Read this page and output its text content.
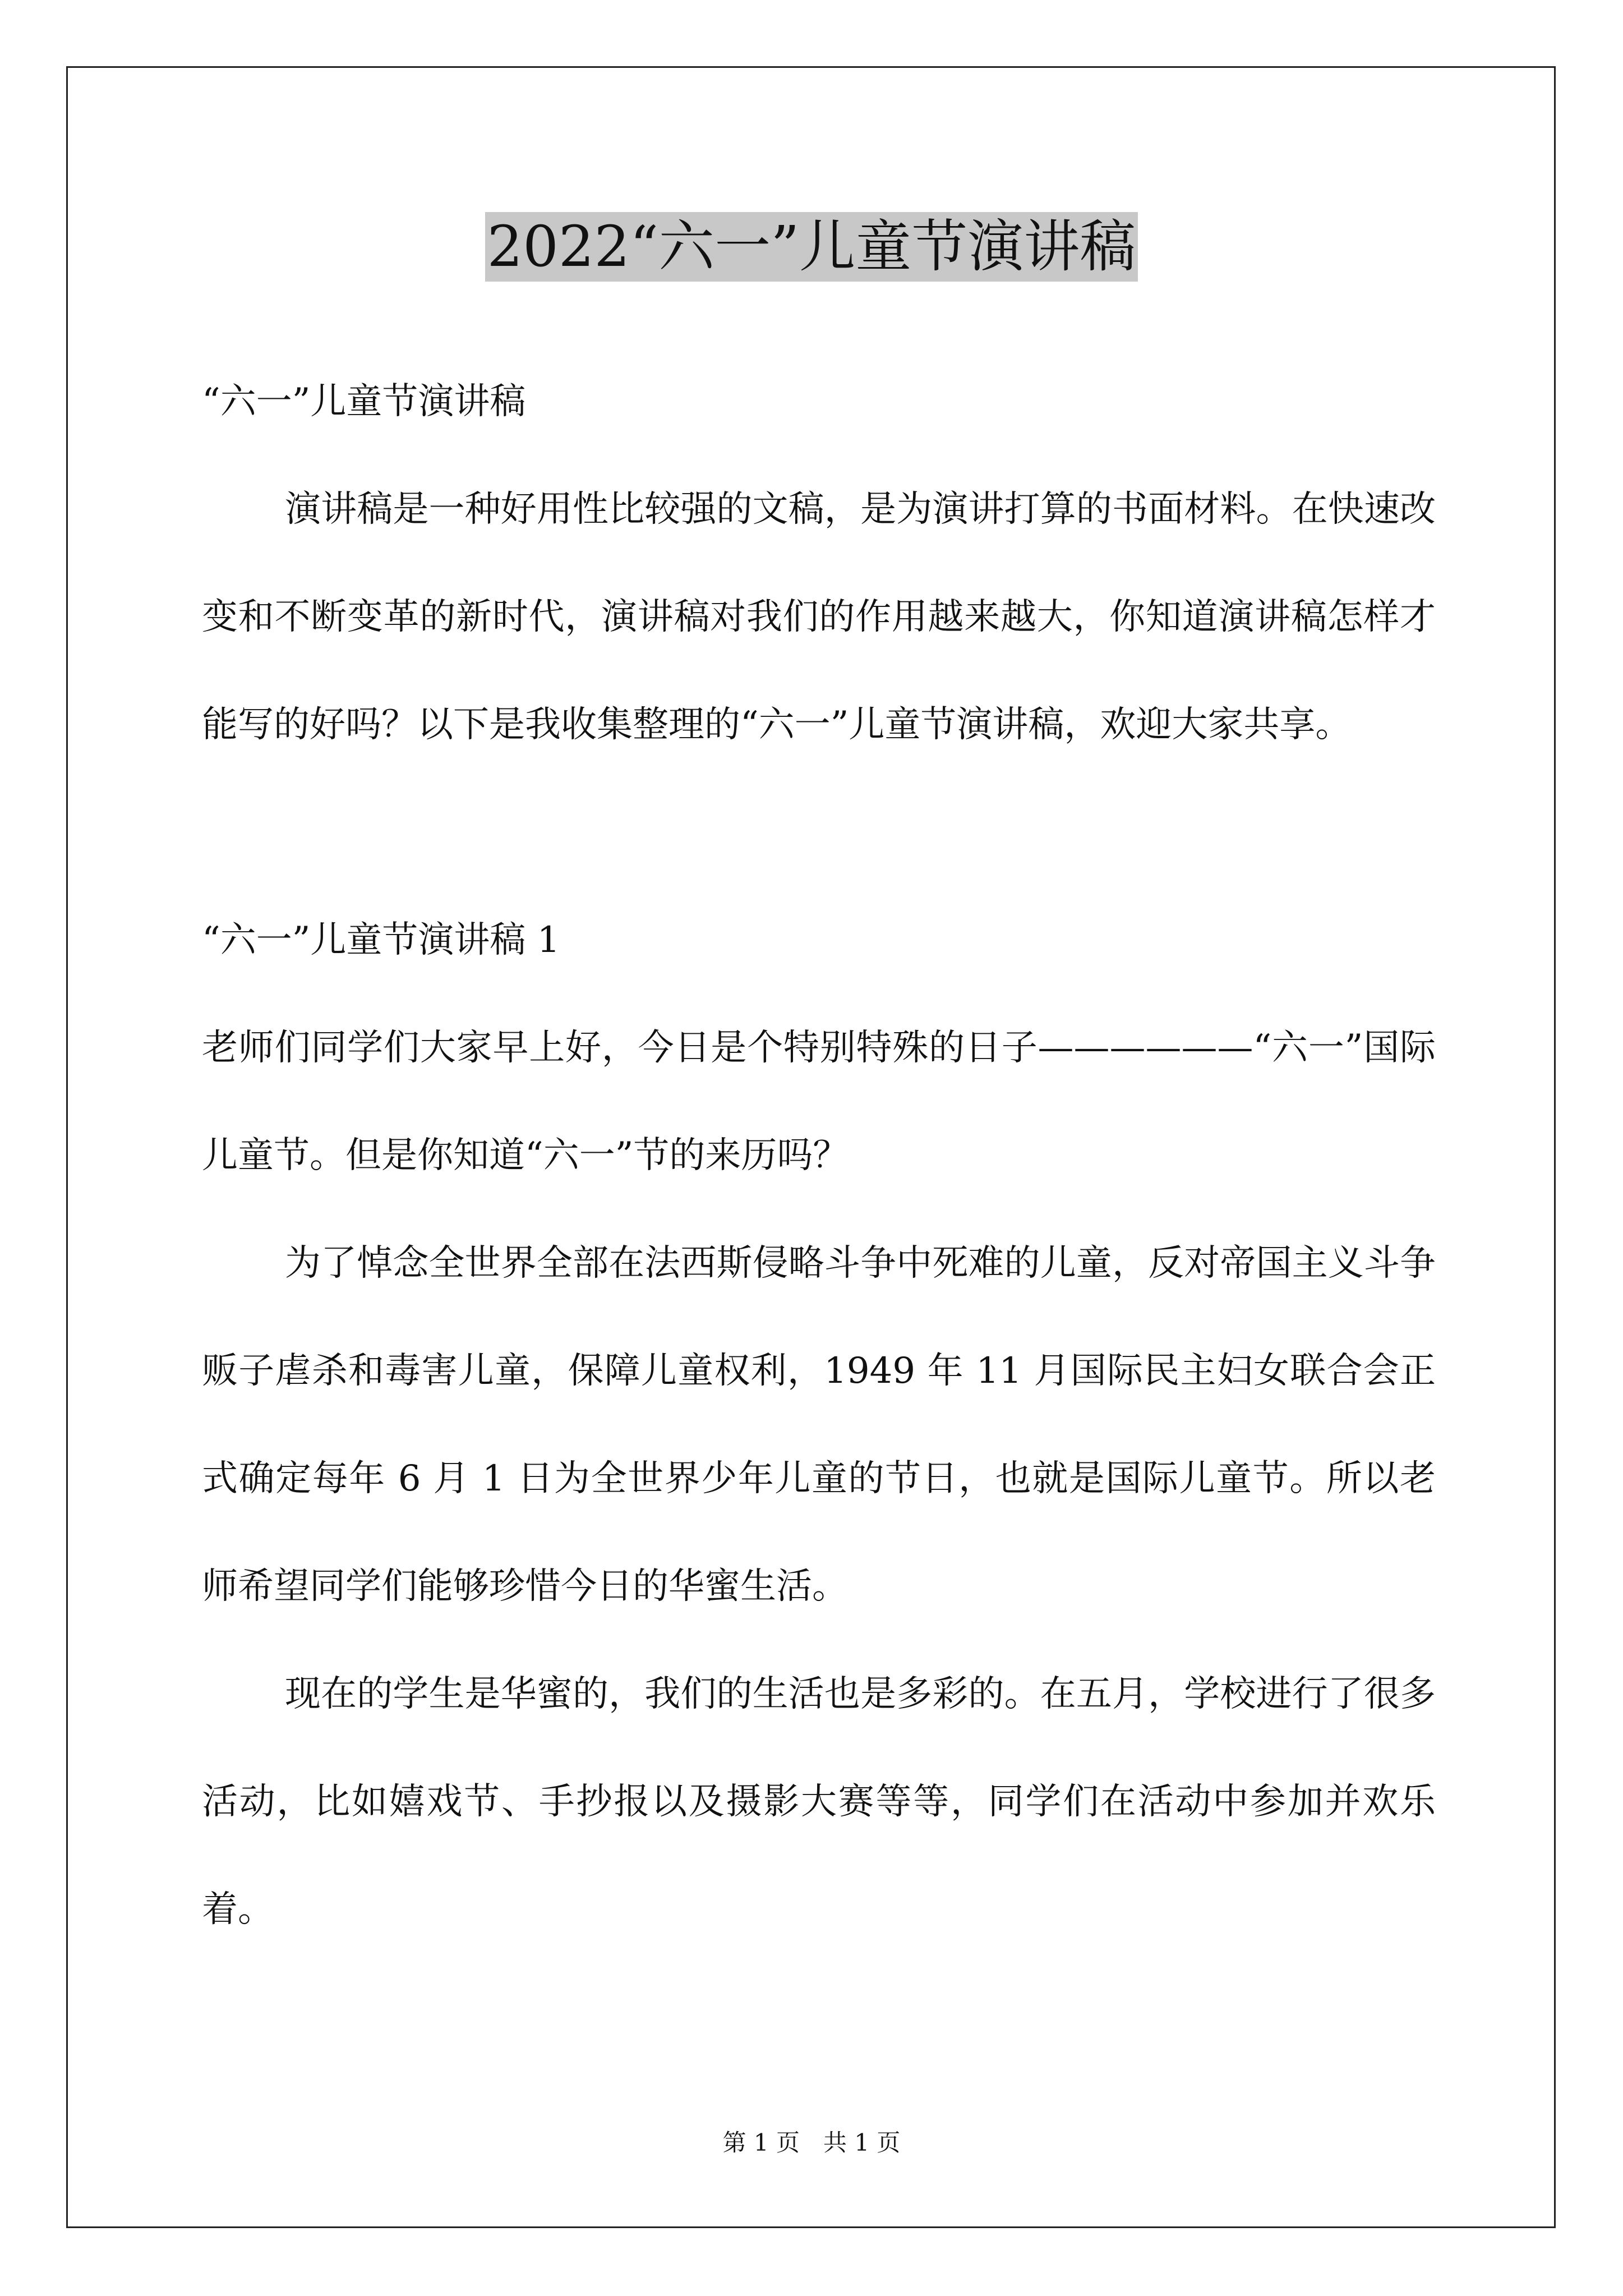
2022“六一”儿童节演讲稿

“六一”儿童节演讲稿

演讲稿是一种好用性比较强的文稿，是为演讲打算的书面材料。在快速改变和不断变革的新时代，演讲稿对我们的作用越来越大，你知道演讲稿怎样才能写的好吗？以下是我收集整理的“六一”儿童节演讲稿，欢迎大家共享。

“六一”儿童节演讲稿 1

老师们同学们大家早上好，今日是个特别特殊的日子——————“六一”国际儿童节。但是你知道“六一”节的来历吗？

为了悼念全世界全部在法西斯侵略斗争中死难的儿童，反对帝国主义斗争贩子虐杀和毒害儿童，保障儿童权利，1949 年 11 月国际民主妇女联合会正式确定每年 6 月 1 日为全世界少年儿童的节日，也就是国际儿童节。所以老师希望同学们能够珍惜今日的华蜜生活。

现在的学生是华蜜的，我们的生活也是多彩的。在五月，学校进行了很多活动，比如嬉戏节、手抄报以及摄影大赛等等，同学们在活动中参加并欢乐着。

第 1 页　共 1 页
